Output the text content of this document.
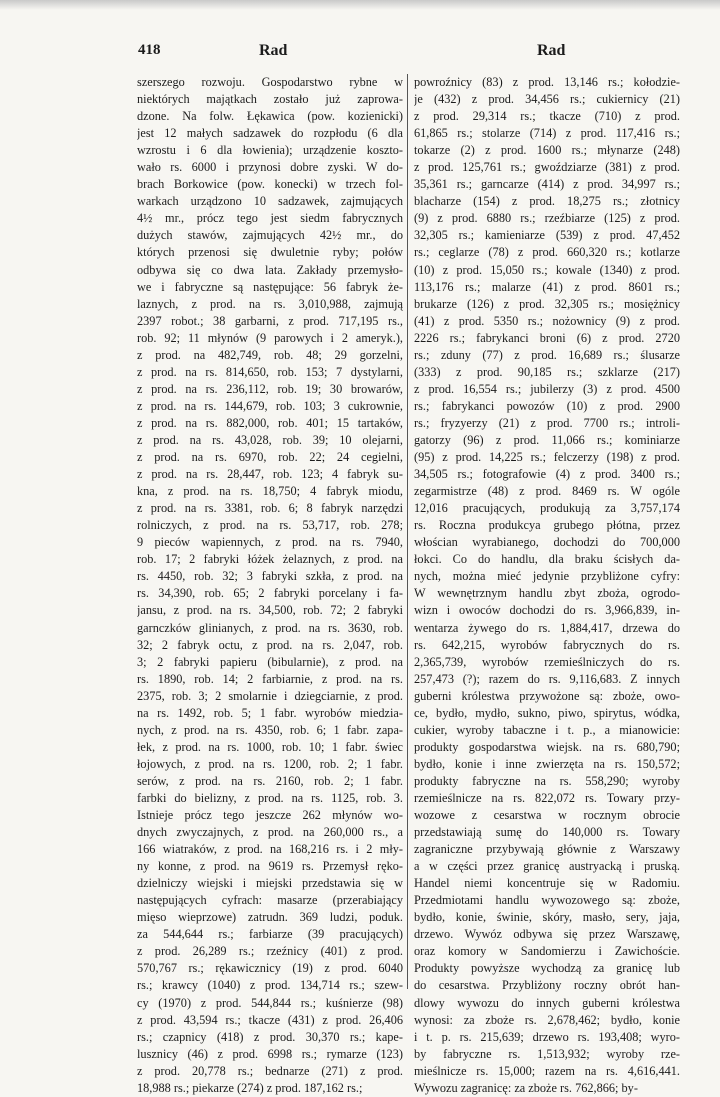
418	Rad	Rad
szerszego rozwoju. Gospodarstwo rybne w
niektórych majątkach zostało już zaprowa-
dzone. Na folw. Łękawica (pow. kozienicki)
jest 12 małych sadzawek do rozpłodu (6 dla
wzrostu i 6 dla łowienia); urządzenie koszto-
wało rs. 6000 i przynosi dobre zyski. W do-
brach Borkowice (pow. konecki) w trzech fol-
warkach urządzono 10 sadzawek, zajmujących
4½ mr., prócz tego jest siedm fabrycznych
dużych stawów, zajmujących 42½ mr., do
których przenosi się dwuletnie ryby; połów
odbywa się co dwa lata. Zakłady przemysło-
we i fabryczne są następujące: 56 fabryk że-
laznych, z prod. na rs. 3,010,988, zajmują
2397 robot.; 38 garbarni, z prod. 717,195 rs.,
rob. 92; 11 młynów (9 parowych i 2 ameryk.),
z prod. na 482,749, rob. 48; 29 gorzelni,
z prod. na rs. 814,650, rob. 153; 7 dystylarni,
z prod. na rs. 236,112, rob. 19; 30 browarów,
z prod. na rs. 144,679, rob. 103; 3 cukrownie,
z prod. na rs. 882,000, rob. 401; 15 tartaków,
z prod. na rs. 43,028, rob. 39; 10 olejarni,
z prod. na rs. 6970, rob. 22; 24 cegielni,
z prod. na rs. 28,447, rob. 123; 4 fabryk su-
kna, z prod. na rs. 18,750; 4 fabryk miodu,
z prod. na rs. 3381, rob. 6; 8 fabryk narzędzi
rolniczych, z prod. na rs. 53,717, rob. 278;
9 pieców wapiennych, z prod. na rs. 7940,
rob. 17; 2 fabryki łóżek żelaznych, z prod. na
rs. 4450, rob. 32; 3 fabryki szkła, z prod. na
rs. 34,390, rob. 65; 2 fabryki porcelany i fa-
jansu, z prod. na rs. 34,500, rob. 72; 2 fabryki
garnczków glinianych, z prod. na rs. 3630, rob.
32; 2 fabryk octu, z prod. na rs. 2,047, rob.
3; 2 fabryki papieru (bibularnie), z prod. na
rs. 1890, rob. 14; 2 farbiarnie, z prod. na rs.
2375, rob. 3; 2 smolarnie i dziegciarnie, z prod.
na rs. 1492, rob. 5; 1 fabr. wyrobów miedzia-
nych, z prod. na rs. 4350, rob. 6; 1 fabr. zapa-
łek, z prod. na rs. 1000, rob. 10; 1 fabr. świec
łojowych, z prod. na rs. 1200, rob. 2; 1 fabr.
serów, z prod. na rs. 2160, rob. 2; 1 fabr.
farbki do bielizny, z prod. na rs. 1125, rob. 3.
Istnieje prócz tego jeszcze 262 młynów wo-
dnych zwyczajnych, z prod. na 260,000 rs., a
166 wiatraków, z prod. na 168,216 rs. i 2 mły-
ny konne, z prod. na 9619 rs. Przemysł ręko-
dzielniczy wiejski i miejski przedstawia się w
następujących cyfrach: masarze (przerabiający
mięso wieprzowe) zatrudn. 369 ludzi, poduk.
za 544,644 rs.; farbiarze (39 pracujących)
z prod. 26,289 rs.; rzeźnicy (401) z prod.
570,767 rs.; rękawicznicy (19) z prod. 6040
rs.; krawcy (1040) z prod. 134,714 rs.; szew-
cy (1970) z prod. 544,844 rs.; kuśnierze (98)
z prod. 43,594 rs.; tkacze (431) z prod. 26,406
rs.; czapnicy (418) z prod. 30,370 rs.; kape-
lusznicy (46) z prod. 6998 rs.; rymarze (123)
z prod. 20,778 rs.; bednarze (271) z prod.
18,988 rs.; piekarze (274) z prod. 187,162 rs.;
powroźnicy (83) z prod. 13,146 rs.; kołodzie-
je (432) z prod. 34,456 rs.; cukiernicy (21)
z prod. 29,314 rs.; tkacze (710) z prod.
61,865 rs.; stolarze (714) z prod. 117,416 rs.;
tokarze (2) z prod. 1600 rs.; młynarze (248)
z prod. 125,761 rs.; gwoździarze (381) z prod.
35,361 rs.; garncarze (414) z prod. 34,997 rs.;
blacharze (154) z prod. 18,275 rs.; złotnicy
(9) z prod. 6880 rs.; rzeźbiarze (125) z prod.
32,305 rs.; kamieniarze (539) z prod. 47,452
rs.; ceglarze (78) z prod. 660,320 rs.; kotlarze
(10) z prod. 15,050 rs.; kowale (1340) z prod.
113,176 rs.; malarze (41) z prod. 8601 rs.;
brukarze (126) z prod. 32,305 rs.; mosiężnicy
(41) z prod. 5350 rs.; nożownicy (9) z prod.
2226 rs.; fabrykanci broni (6) z prod. 2720
rs.; zduny (77) z prod. 16,689 rs.; ślusarze
(333) z prod. 90,185 rs.; szklarze (217)
z prod. 16,554 rs.; jubilerzy (3) z prod. 4500
rs.; fabrykanci powozów (10) z prod. 2900
rs.; fryzyerzy (21) z prod. 7700 rs.; introli-
gatorzy (96) z prod. 11,066 rs.; kominiarze
(95) z prod. 14,225 rs.; felczerzy (198) z prod.
34,505 rs.; fotografowie (4) z prod. 3400 rs.;
zegarmistrze (48) z prod. 8469 rs. W ogóle
12,016 pracujących, produkują za 3,757,174
rs. Roczna produkcya grubego płótna, przez
włościan wyrabianego, dochodzi do 700,000
łokci. Co do handlu, dla braku ścisłych da-
nych, można mieć jedynie przybliżone cyfry:
W wewnętrznym handlu zbyt zboża, ogrodo-
wizn i owoców dochodzi do rs. 3,966,839, in-
wentarza żywego do rs. 1,884,417, drzewa do
rs. 642,215, wyrobów fabrycznych do rs.
2,365,739, wyrobów rzemieślniczych do rs.
257,473 (?); razem do rs. 9,116,683. Z innych
guberni królestwa przywożone są: zboże, owo-
ce, bydło, mydło, sukno, piwo, spirytus, wódka,
cukier, wyroby tabaczne i t. p., a mianowicie:
produkty gospodarstwa wiejsk. na rs. 680,790;
bydło, konie i inne zwierzęta na rs. 150,572;
produkty fabryczne na rs. 558,290; wyroby
rzemieślnicze na rs. 822,072 rs. Towary przy-
wozowe z cesarstwa w rocznym obrocie
przedstawiają sumę do 140,000 rs. Towary
zagraniczne przybywają głównie z Warszawy
a w części przez granicę austryacką i pruską.
Handel niemi koncentruje się w Radomiu.
Przedmiotami handlu wywozowego są: zboże,
bydło, konie, świnie, skóry, masło, sery, jaja,
drzewo. Wywóz odbywa się przez Warszawę,
oraz komory w Sandomierzu i Zawichoście.
Produkty powyższe wychodzą za granicę lub
do cesarstwa. Przybliżony roczny obrót han-
dlowy wywozu do innych guberni królestwa
wynosi: za zboże rs. 2,678,462; bydło, konie
i t. p. rs. 215,639; drzewo rs. 193,408; wyro-
by fabryczne rs. 1,513,932; wyroby rze-
mieślnicze rs. 15,000; razem na rs. 4,616,441.
Wywozu zagranicę: za zboże rs. 762,866; by-
